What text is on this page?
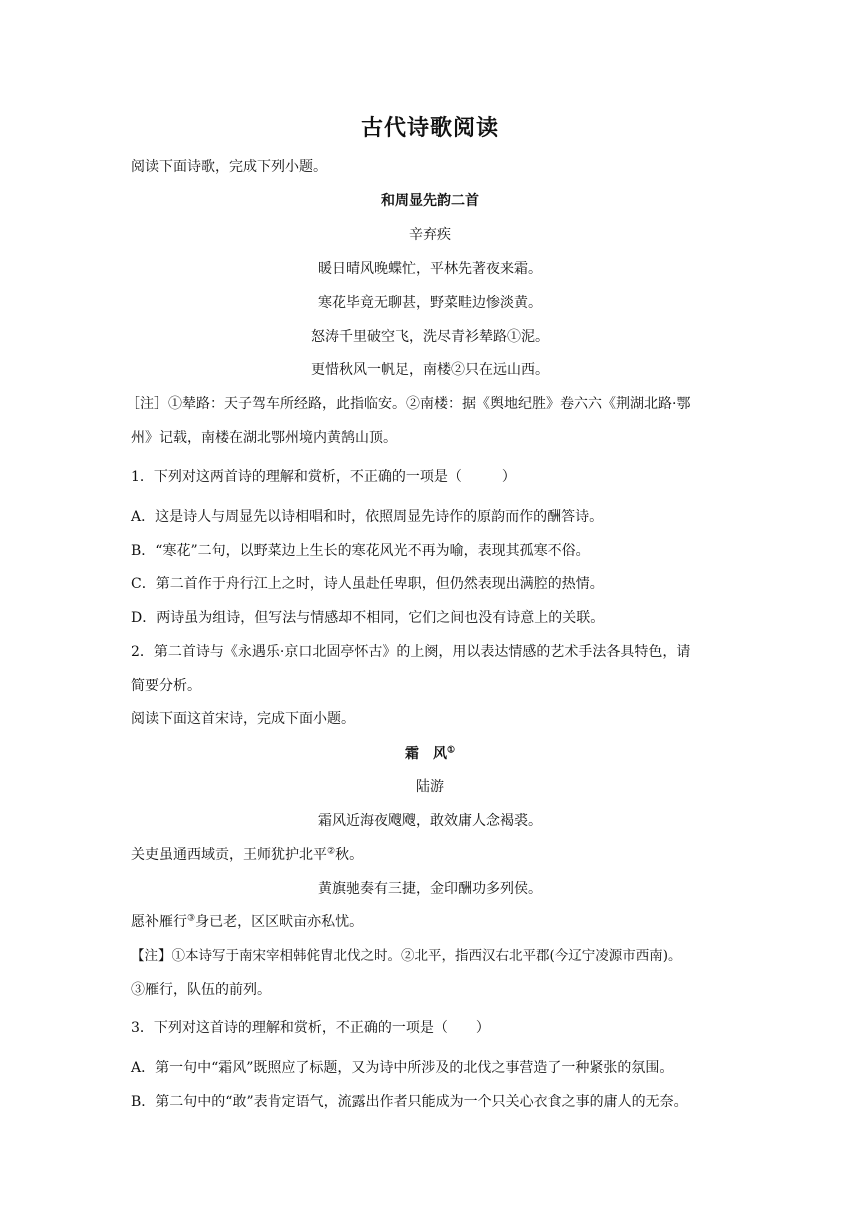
古代诗歌阅读
阅读下面诗歌，完成下列小题。
和周显先韵二首
辛弃疾
暖日晴风晚蝶忙，平林先著夜来霜。
寒花毕竟无聊甚，野菜畦边惨淡黄。
怒涛千里破空飞，洗尽青衫辇路①泥。
更惜秋风一帆足，南楼②只在远山西。
［注］①辇路：天子驾车所经路，此指临安。②南楼：据《舆地纪胜》卷六六《荆湖北路·鄂
州》记载，南楼在湖北鄂州境内黄鹄山顶。
1．下列对这两首诗的理解和赏析，不正确的一项是（	）
A．这是诗人与周显先以诗相唱和时，依照周显先诗作的原韵而作的酬答诗。
B．“寒花”二句，以野菜边上生长的寒花风光不再为喻，表现其孤寒不俗。
C．第二首作于舟行江上之时，诗人虽赴任卑职，但仍然表现出满腔的热情。
D．两诗虽为组诗，但写法与情感却不相同，它们之间也没有诗意上的关联。
2．第二首诗与《永遇乐·京口北固亭怀古》的上阕，用以表达情感的艺术手法各具特色，请
简要分析。
阅读下面这首宋诗，完成下面小题。
霜　风①
陆游
霜风近海夜飕飕，敢效庸人念褐裘。
关吏虽通西域贡，王师犹护北平②秋。
黄旗驰奏有三捷，金印酬功多列侯。
愿补雁行③身已老，区区畎亩亦私忧。
【注】①本诗写于南宋宰相韩侂胄北伐之时。②北平，指西汉右北平郡(今辽宁凌源市西南)。
③雁行，队伍的前列。
3．下列对这首诗的理解和赏析，不正确的一项是（　　）
A．第一句中“霜风”既照应了标题，又为诗中所涉及的北伐之事营造了一种紧张的氛围。
B．第二句中的“敢”表肯定语气，流露出作者只能成为一个只关心衣食之事的庸人的无奈。
